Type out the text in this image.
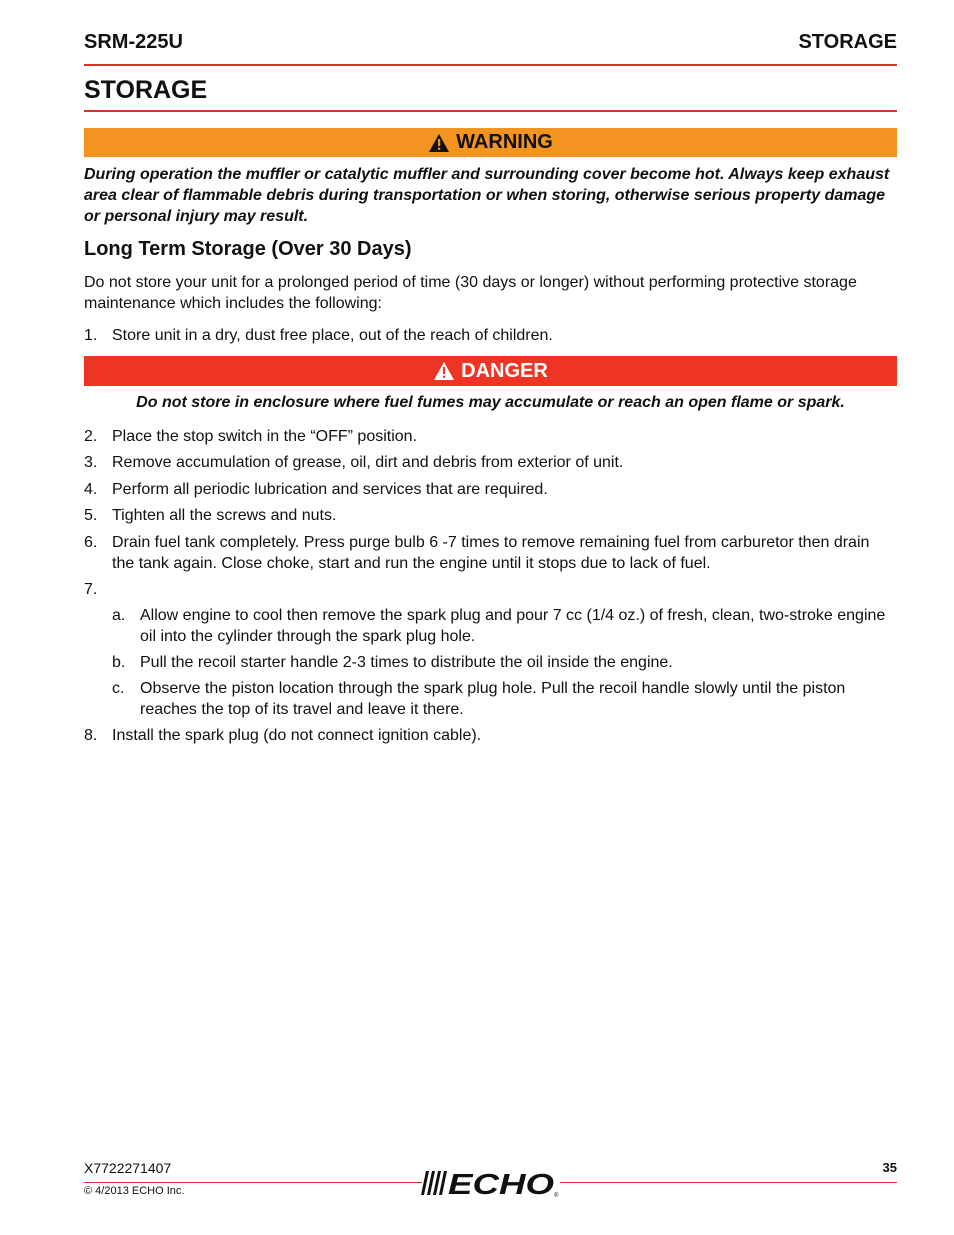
SRM-225U	STORAGE
STORAGE
WARNING
During operation the muffler or catalytic muffler and surrounding cover become hot. Always keep exhaust area clear of flammable debris during transportation or when storing, otherwise serious property damage or personal injury may result.
Long Term Storage (Over 30 Days)
Do not store your unit for a prolonged period of time (30 days or longer) without performing protective storage maintenance which includes the following:
1. Store unit in a dry, dust free place, out of the reach of children.
DANGER
Do not store in enclosure where fuel fumes may accumulate or reach an open flame or spark.
2. Place the stop switch in the “OFF” position.
3. Remove accumulation of grease, oil, dirt and debris from exterior of unit.
4. Perform all periodic lubrication and services that are required.
5. Tighten all the screws and nuts.
6. Drain fuel tank completely. Press purge bulb 6 -7 times to remove remaining fuel from carburetor then drain the tank again. Close choke, start and run the engine until it stops due to lack of fuel.
7.
a. Allow engine to cool then remove the spark plug and pour 7 cc (1/4 oz.) of fresh, clean, two-stroke engine oil into the cylinder through the spark plug hole.
b. Pull the recoil starter handle 2-3 times to distribute the oil inside the engine.
c. Observe the piston location through the spark plug hole. Pull the recoil handle slowly until the piston reaches the top of its travel and leave it there.
8. Install the spark plug (do not connect ignition cable).
X7722271407	35
© 4/2013 ECHO Inc.	ECHO ®
